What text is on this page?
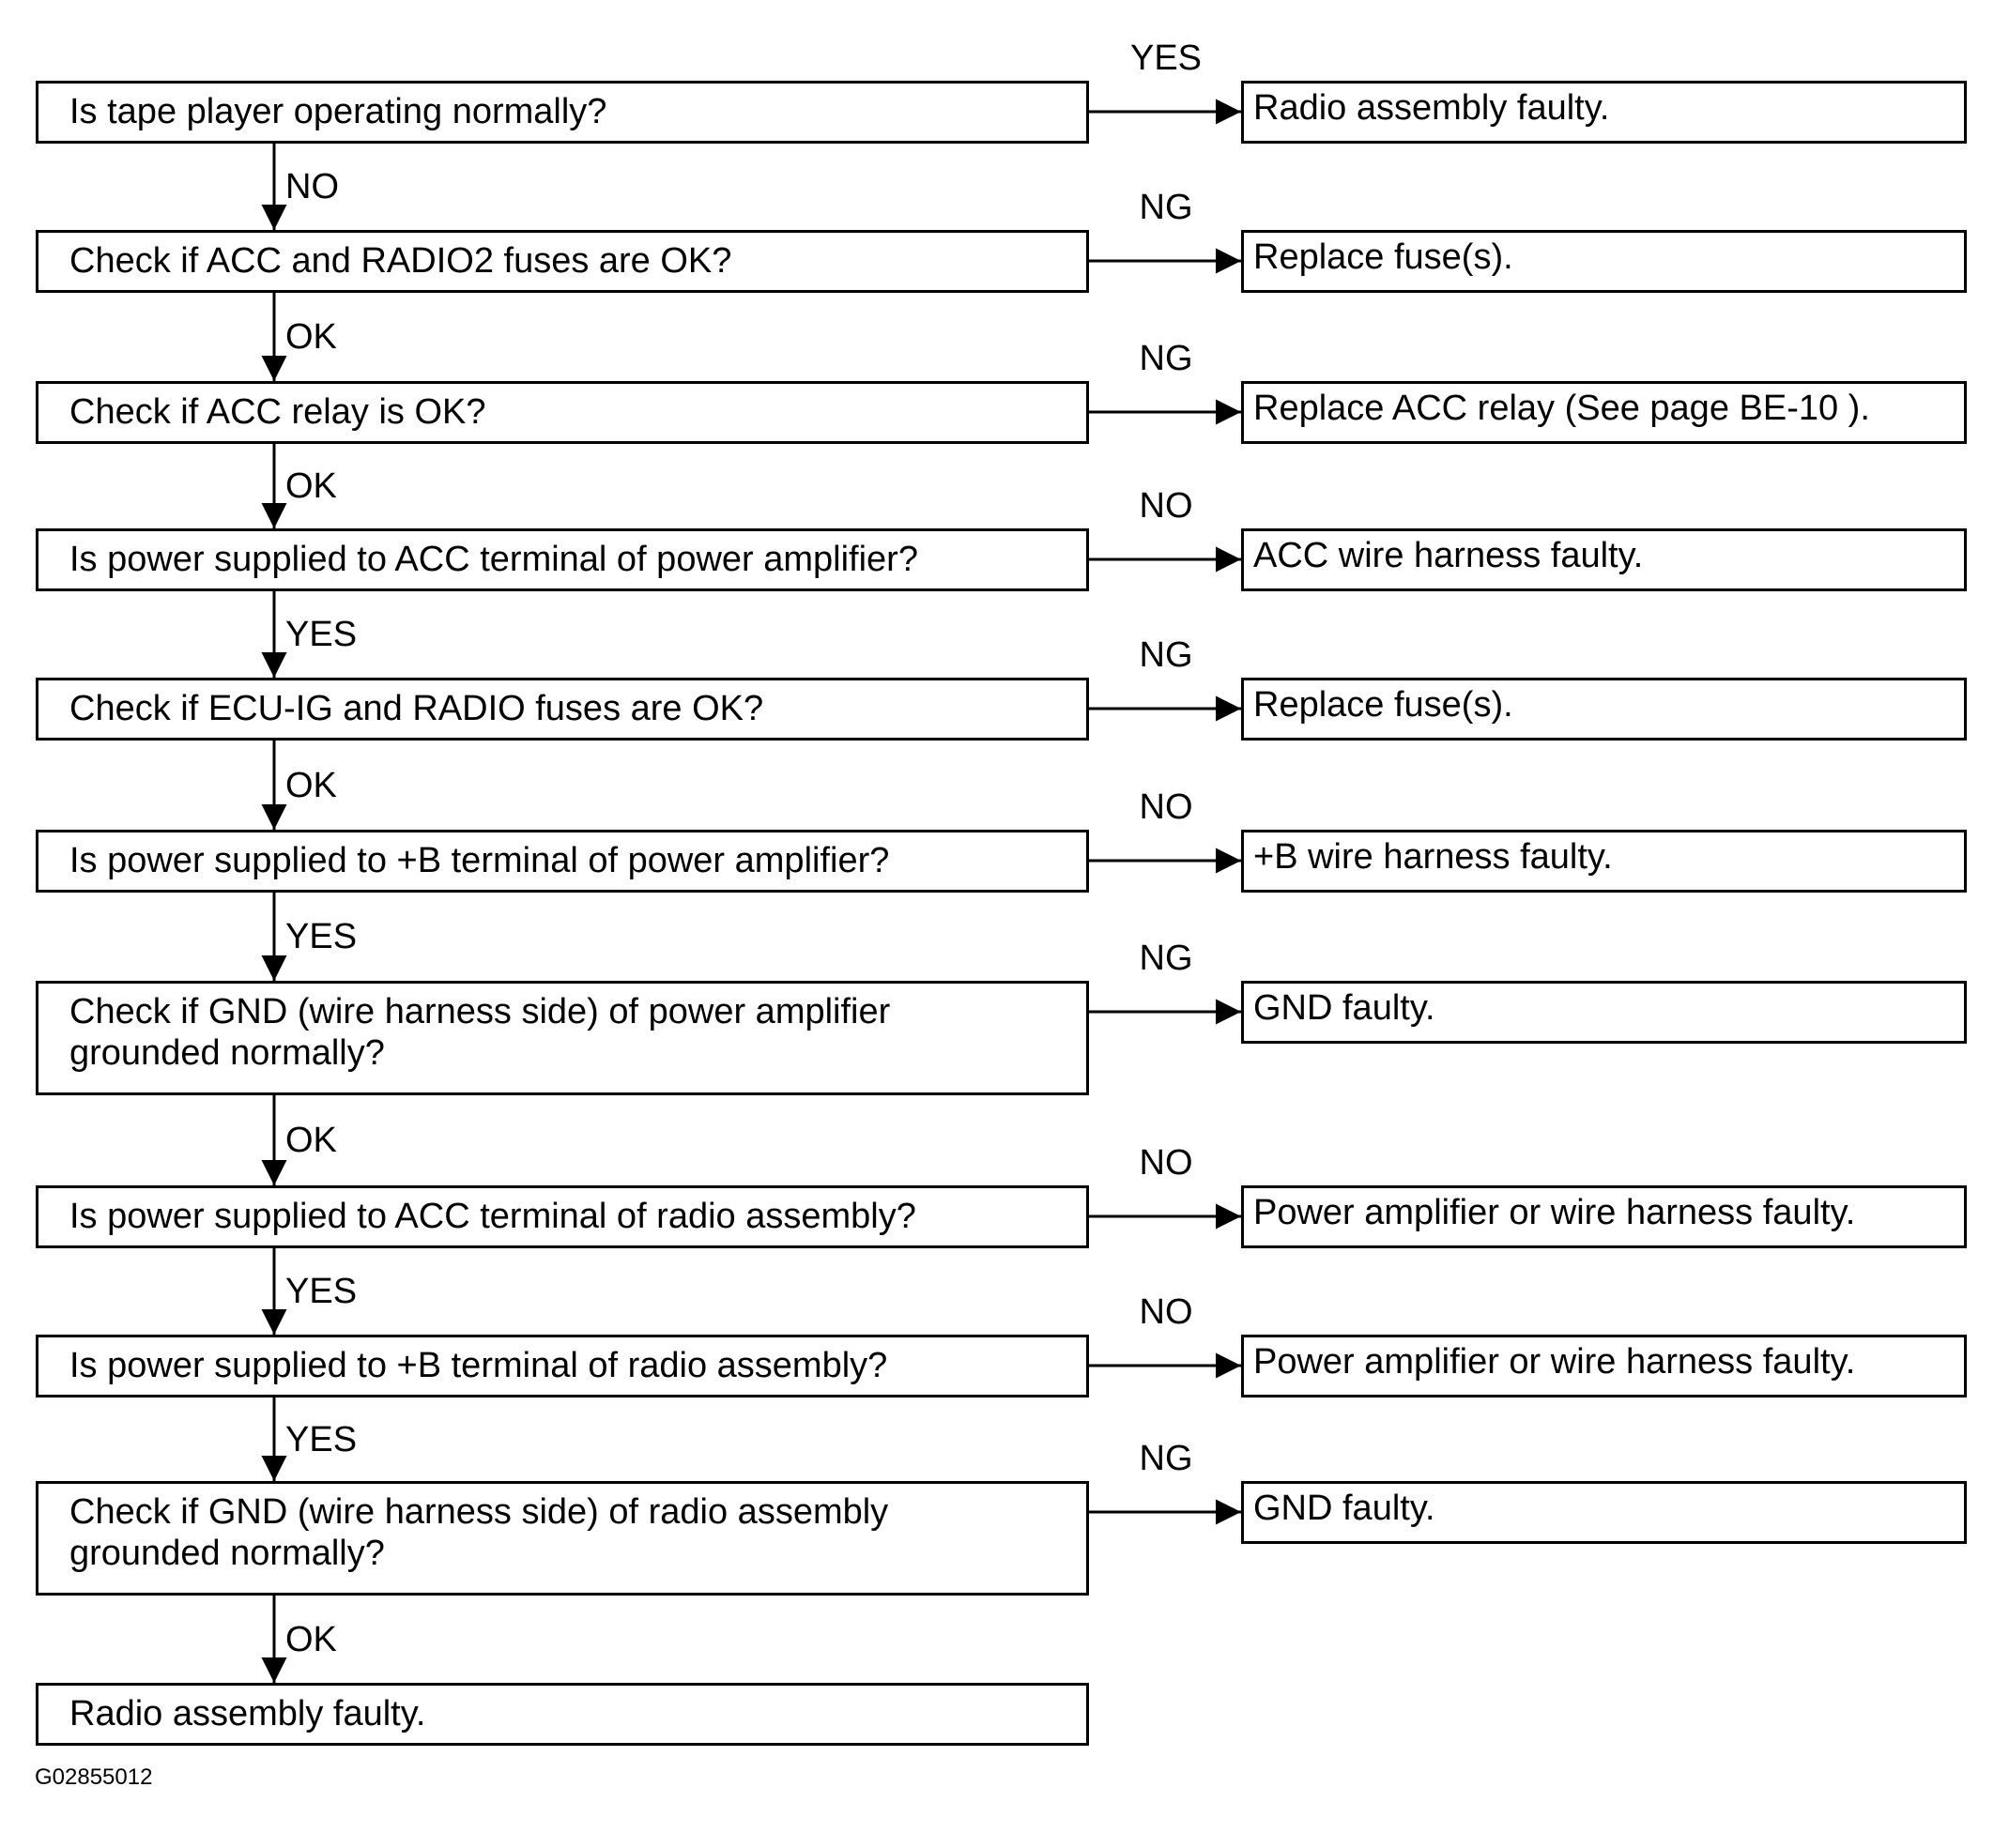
Is tape player operating normally?	Radio assembly faulty.
YES
NO
Check if ACC and RADIO2 fuses are OK?	Replace fuse(s).
NG
OK
Check if ACC relay is OK?	Replace ACC relay (See page BE-10 ).
NG
OK
Is power supplied to ACC terminal of power amplifier?	ACC wire harness faulty.
NO
YES
Check if ECU-IG and RADIO fuses are OK?	Replace fuse(s).
NG
OK
Is power supplied to +B terminal of power amplifier?	+B wire harness faulty.
NO
YES
Check if GND (wire harness side) of power amplifier
grounded normally?
GND faulty.
NG
OK
Is power supplied to ACC terminal of radio assembly?	Power amplifier or wire harness faulty.
NO
YES
Is power supplied to +B terminal of radio assembly?	Power amplifier or wire harness faulty.
NO
YES
Check if GND (wire harness side) of radio assembly
grounded normally?
GND faulty.
NG
OK
Radio assembly faulty.
G02855012
